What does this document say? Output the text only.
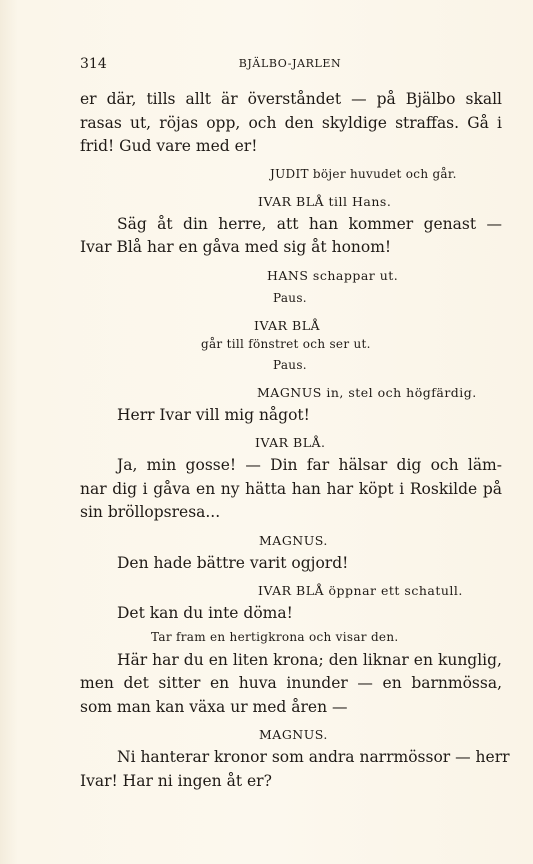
314	BJÄLBO-JARLEN
er där, tills allt är överståndet — på Bjälbo skall
rasas ut, röjas opp, och den skyldige straffas. Gå i
frid! Gud vare med er!
JUDIT böjer huvudet och går.
IVAR BLÅ till Hans.
Säg åt din herre, att han kommer genast —
Ivar Blå har en gåva med sig åt honom!
HANS schappar ut.
Paus.
IVAR BLÅ
går till fönstret och ser ut.
Paus.
MAGNUS in, stel och högfärdig.
Herr Ivar vill mig något!
IVAR BLÅ.
Ja, min gosse! — Din far hälsar dig och läm-
nar dig i gåva en ny hätta han har köpt i Roskilde på
sin bröllopsresa...
MAGNUS.
Den hade bättre varit ogjord!
IVAR BLÅ öppnar ett schatull.
Det kan du inte döma!
Tar fram en hertigkrona och visar den.
Här har du en liten krona; den liknar en kunglig,
men det sitter en huva inunder — en barnmössa,
som man kan växa ur med åren —
MAGNUS.
Ni hanterar kronor som andra narrmössor — herr
Ivar! Har ni ingen åt er?
